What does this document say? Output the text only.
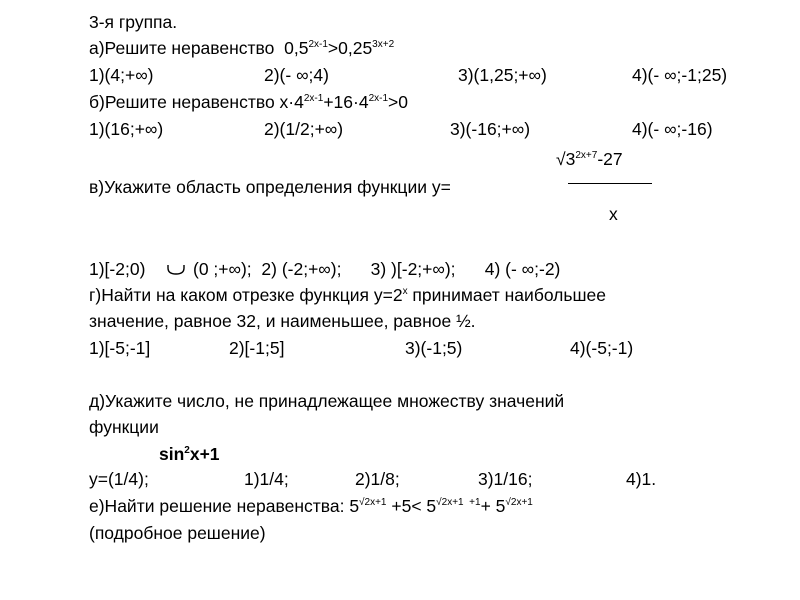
3-я группа.
а)Решите неравенство  $0,5^{2x-1}>0,25^{3x+2}$
1)(4;+∞)	2)(- ∞;4)	3)(1,25;+∞)	4)(- ∞;-1;25)
б)Решите неравенство $x\cdot 4^{2x-1}+16\cdot 4^{2x-1}>0$
1)(16;+∞)	2)(1/2;+∞)	3)(-16;+∞)	4)(- ∞;-16)
$√3^{2x+7}-27$
в)Укажите область определения функции y=
x
1)[-2;0)	(0 ;+∞);  2) (-2;+∞);      3) )[-2;+∞);      4) (- ∞;-2)
г)Найти на каком отрезке функция $y=2^x$ принимает наибольшее
значение, равное 32, и наименьшее, равное ½.
1)[-5;-1]	2)[-1;5]	3)(-1;5)	4)(-5;-1)
д)Укажите число, не принадлежащее множеству значений
функции
$\sin^2x+1$
y=(1/4);	1)1/4;	2)1/8;	3)1/16;	4)1.
е)Найти решение неравенства: $5^{√2x+1} +5< 5^{√2x+1 +1}+ 5^{√2x+1}$
(подробное решение)
